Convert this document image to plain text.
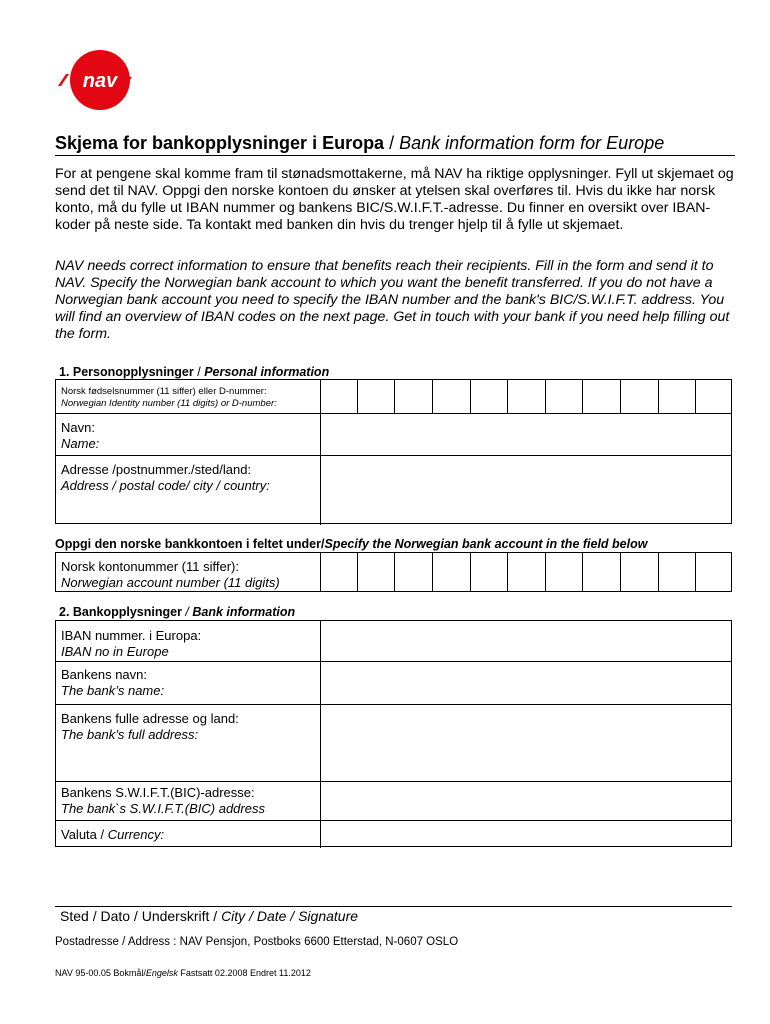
nav
Skjema for bankopplysninger i Europa / Bank information form for Europe
For at pengene skal komme fram til stønadsmottakerne, må NAV ha riktige opplysninger. Fyll ut skjemaet og send det til NAV. Oppgi den norske kontoen du ønsker at ytelsen skal overføres til. Hvis du ikke har norsk konto, må du fylle ut IBAN nummer og bankens BIC/S.W.I.F.T.-adresse. Du finner en oversikt over IBAN-koder på neste side. Ta kontakt med banken din hvis du trenger hjelp til å fylle ut skjemaet.
NAV needs correct information to ensure that benefits reach their recipients. Fill in the form and send it to NAV. Specify the Norwegian bank account to which you want the benefit transferred. If you do not have a Norwegian bank account you need to specify the IBAN number and the bank's BIC/S.W.I.F.T. address. You will find an overview of IBAN codes on the next page. Get in touch with your bank if you need help filling out the form.
1. Personopplysninger / Personal information
Norsk fødselsnummer (11 siffer) eller D-nummer:
Norwegian Identity number (11 digits) or D-number:
Navn:
Name:
Adresse /postnummer./sted/land:
Address / postal code/ city / country:
Oppgi den norske bankkontoen i feltet under/Specify the Norwegian bank account in the field below
Norsk kontonummer (11 siffer):
Norwegian account number (11 digits)
2. Bankopplysninger / Bank information
IBAN nummer. i Europa:
IBAN no in Europe
Bankens navn:
The bank’s name:
Bankens fulle adresse og land:
The bank’s full address:
Bankens S.W.I.F.T.(BIC)-adresse:
The bank`s S.W.I.F.T.(BIC) address
Valuta / Currency:
Sted / Dato / Underskrift / City / Date / Signature
Postadresse / Address : NAV Pensjon, Postboks 6600 Etterstad, N-0607 OSLO
NAV 95-00.05 Bokmål/Engelsk Fastsatt 02.2008 Endret 11.2012
